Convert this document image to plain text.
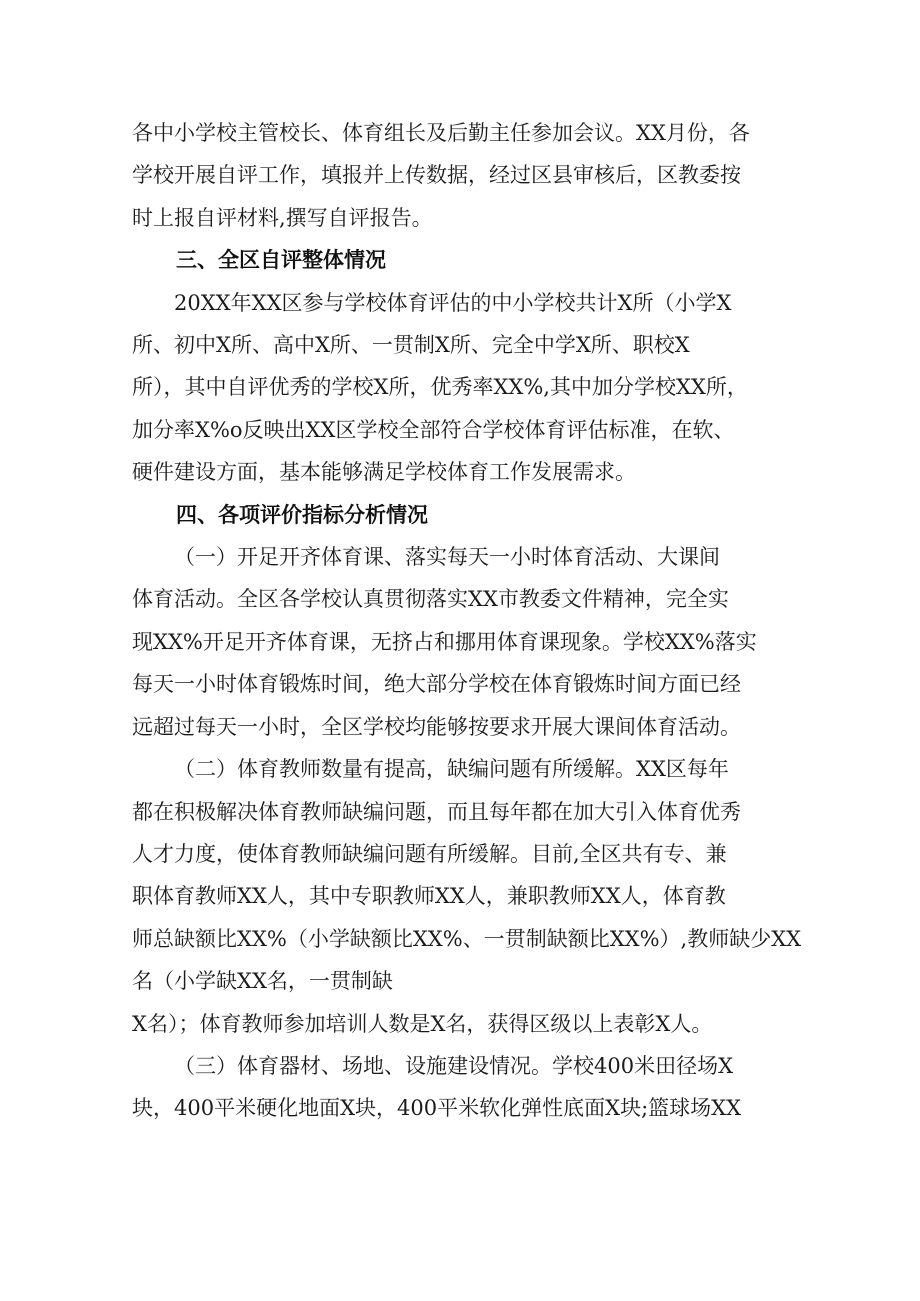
各中小学校主管校长、体育组长及后勤主任参加会议。XX月份，各
学校开展自评工作，填报并上传数据，经过区县审核后，区教委按
时上报自评材料,撰写自评报告。

三、全区自评整体情况

20XX年XX区参与学校体育评估的中小学校共计X所（小学X
所、初中X所、高中X所、一贯制X所、完全中学X所、职校X
所），其中自评优秀的学校X所，优秀率XX%,其中加分学校XX所，
加分率X%o反映出XX区学校全部符合学校体育评估标准，在软、
硬件建设方面，基本能够满足学校体育工作发展需求。

四、各项评价指标分析情况

（一）开足开齐体育课、落实每天一小时体育活动、大课间
体育活动。全区各学校认真贯彻落实XX市教委文件精神，完全实
现XX%开足开齐体育课，无挤占和挪用体育课现象。学校XX%落实
每天一小时体育锻炼时间，绝大部分学校在体育锻炼时间方面已经
远超过每天一小时，全区学校均能够按要求开展大课间体育活动。

（二）体育教师数量有提高，缺编问题有所缓解。XX区每年
都在积极解决体育教师缺编问题，而且每年都在加大引入体育优秀
人才力度，使体育教师缺编问题有所缓解。目前,全区共有专、兼
职体育教师XX人，其中专职教师XX人，兼职教师XX人，体育教
师总缺额比XX%（小学缺额比XX%、一贯制缺额比XX%）,教师缺少XX
名（小学缺XX名，一贯制缺
X名）；体育教师参加培训人数是X名，获得区级以上表彰X人。

（三）体育器材、场地、设施建设情况。学校400米田径场X
块，400平米硬化地面X块，400平米软化弹性底面X块;篮球场XX
